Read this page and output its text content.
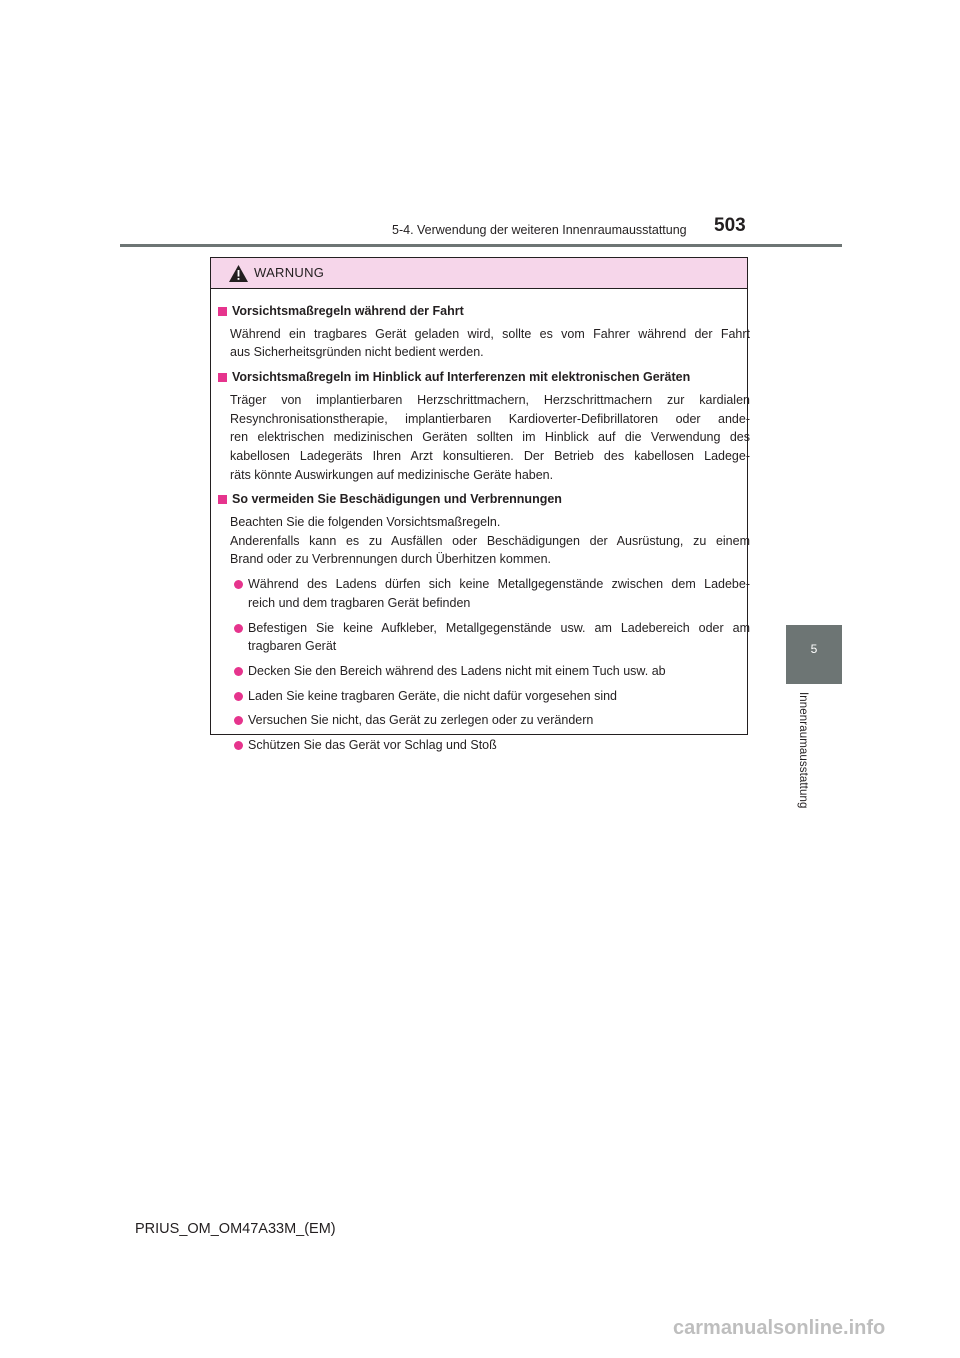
5-4. Verwendung der weiteren Innenraumausstattung 503
5
Innenraumausstattung
WARNUNG
Vorsichtsmaßregeln während der Fahrt
Während ein tragbares Gerät geladen wird, sollte es vom Fahrer während der Fahrt
aus Sicherheitsgründen nicht bedient werden.
Vorsichtsmaßregeln im Hinblick auf Interferenzen mit elektronischen Geräten
Träger von implantierbaren Herzschrittmachern, Herzschrittmachern zur kardialen
Resynchronisationstherapie, implantierbaren Kardioverter-Defibrillatoren oder ande-
ren elektrischen medizinischen Geräten sollten im Hinblick auf die Verwendung des
kabellosen Ladegeräts Ihren Arzt konsultieren. Der Betrieb des kabellosen Ladege-
räts könnte Auswirkungen auf medizinische Geräte haben.
So vermeiden Sie Beschädigungen und Verbrennungen
Beachten Sie die folgenden Vorsichtsmaßregeln.
Anderenfalls kann es zu Ausfällen oder Beschädigungen der Ausrüstung, zu einem
Brand oder zu Verbrennungen durch Überhitzen kommen.
Während des Ladens dürfen sich keine Metallgegenstände zwischen dem Ladebe-
reich und dem tragbaren Gerät befinden
Befestigen Sie keine Aufkleber, Metallgegenstände usw. am Ladebereich oder am
tragbaren Gerät
Decken Sie den Bereich während des Ladens nicht mit einem Tuch usw. ab
Laden Sie keine tragbaren Geräte, die nicht dafür vorgesehen sind
Versuchen Sie nicht, das Gerät zu zerlegen oder zu verändern
Schützen Sie das Gerät vor Schlag und Stoß
PRIUS_OM_OM47A33M_(EM)
carmanualsonline.info
